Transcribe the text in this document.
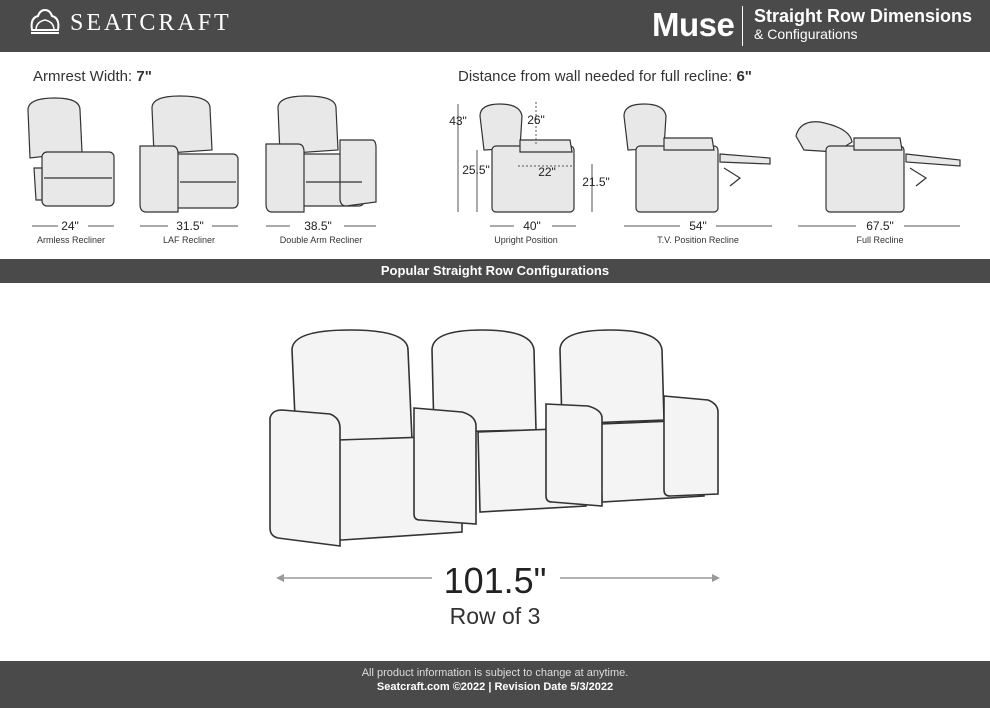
SEATCRAFT	Muse Straight Row Dimensions
& Configurations
Armrest Width: 7"	Distance from wall needed for full recline: 6"
24"
Armless Recliner
31.5"
LAF Recliner
38.5"
Double Arm Recliner
40"
Upright Position
54"
T.V. Position Recline
67.5"
Full Recline
43"
25.5"
26"
22"
21.5"
Popular Straight Row Configurations
101.5"
Row of 3
All product information is subject to change at anytime.
Seatcraft.com ©2022 | Revision Date 5/3/2022
